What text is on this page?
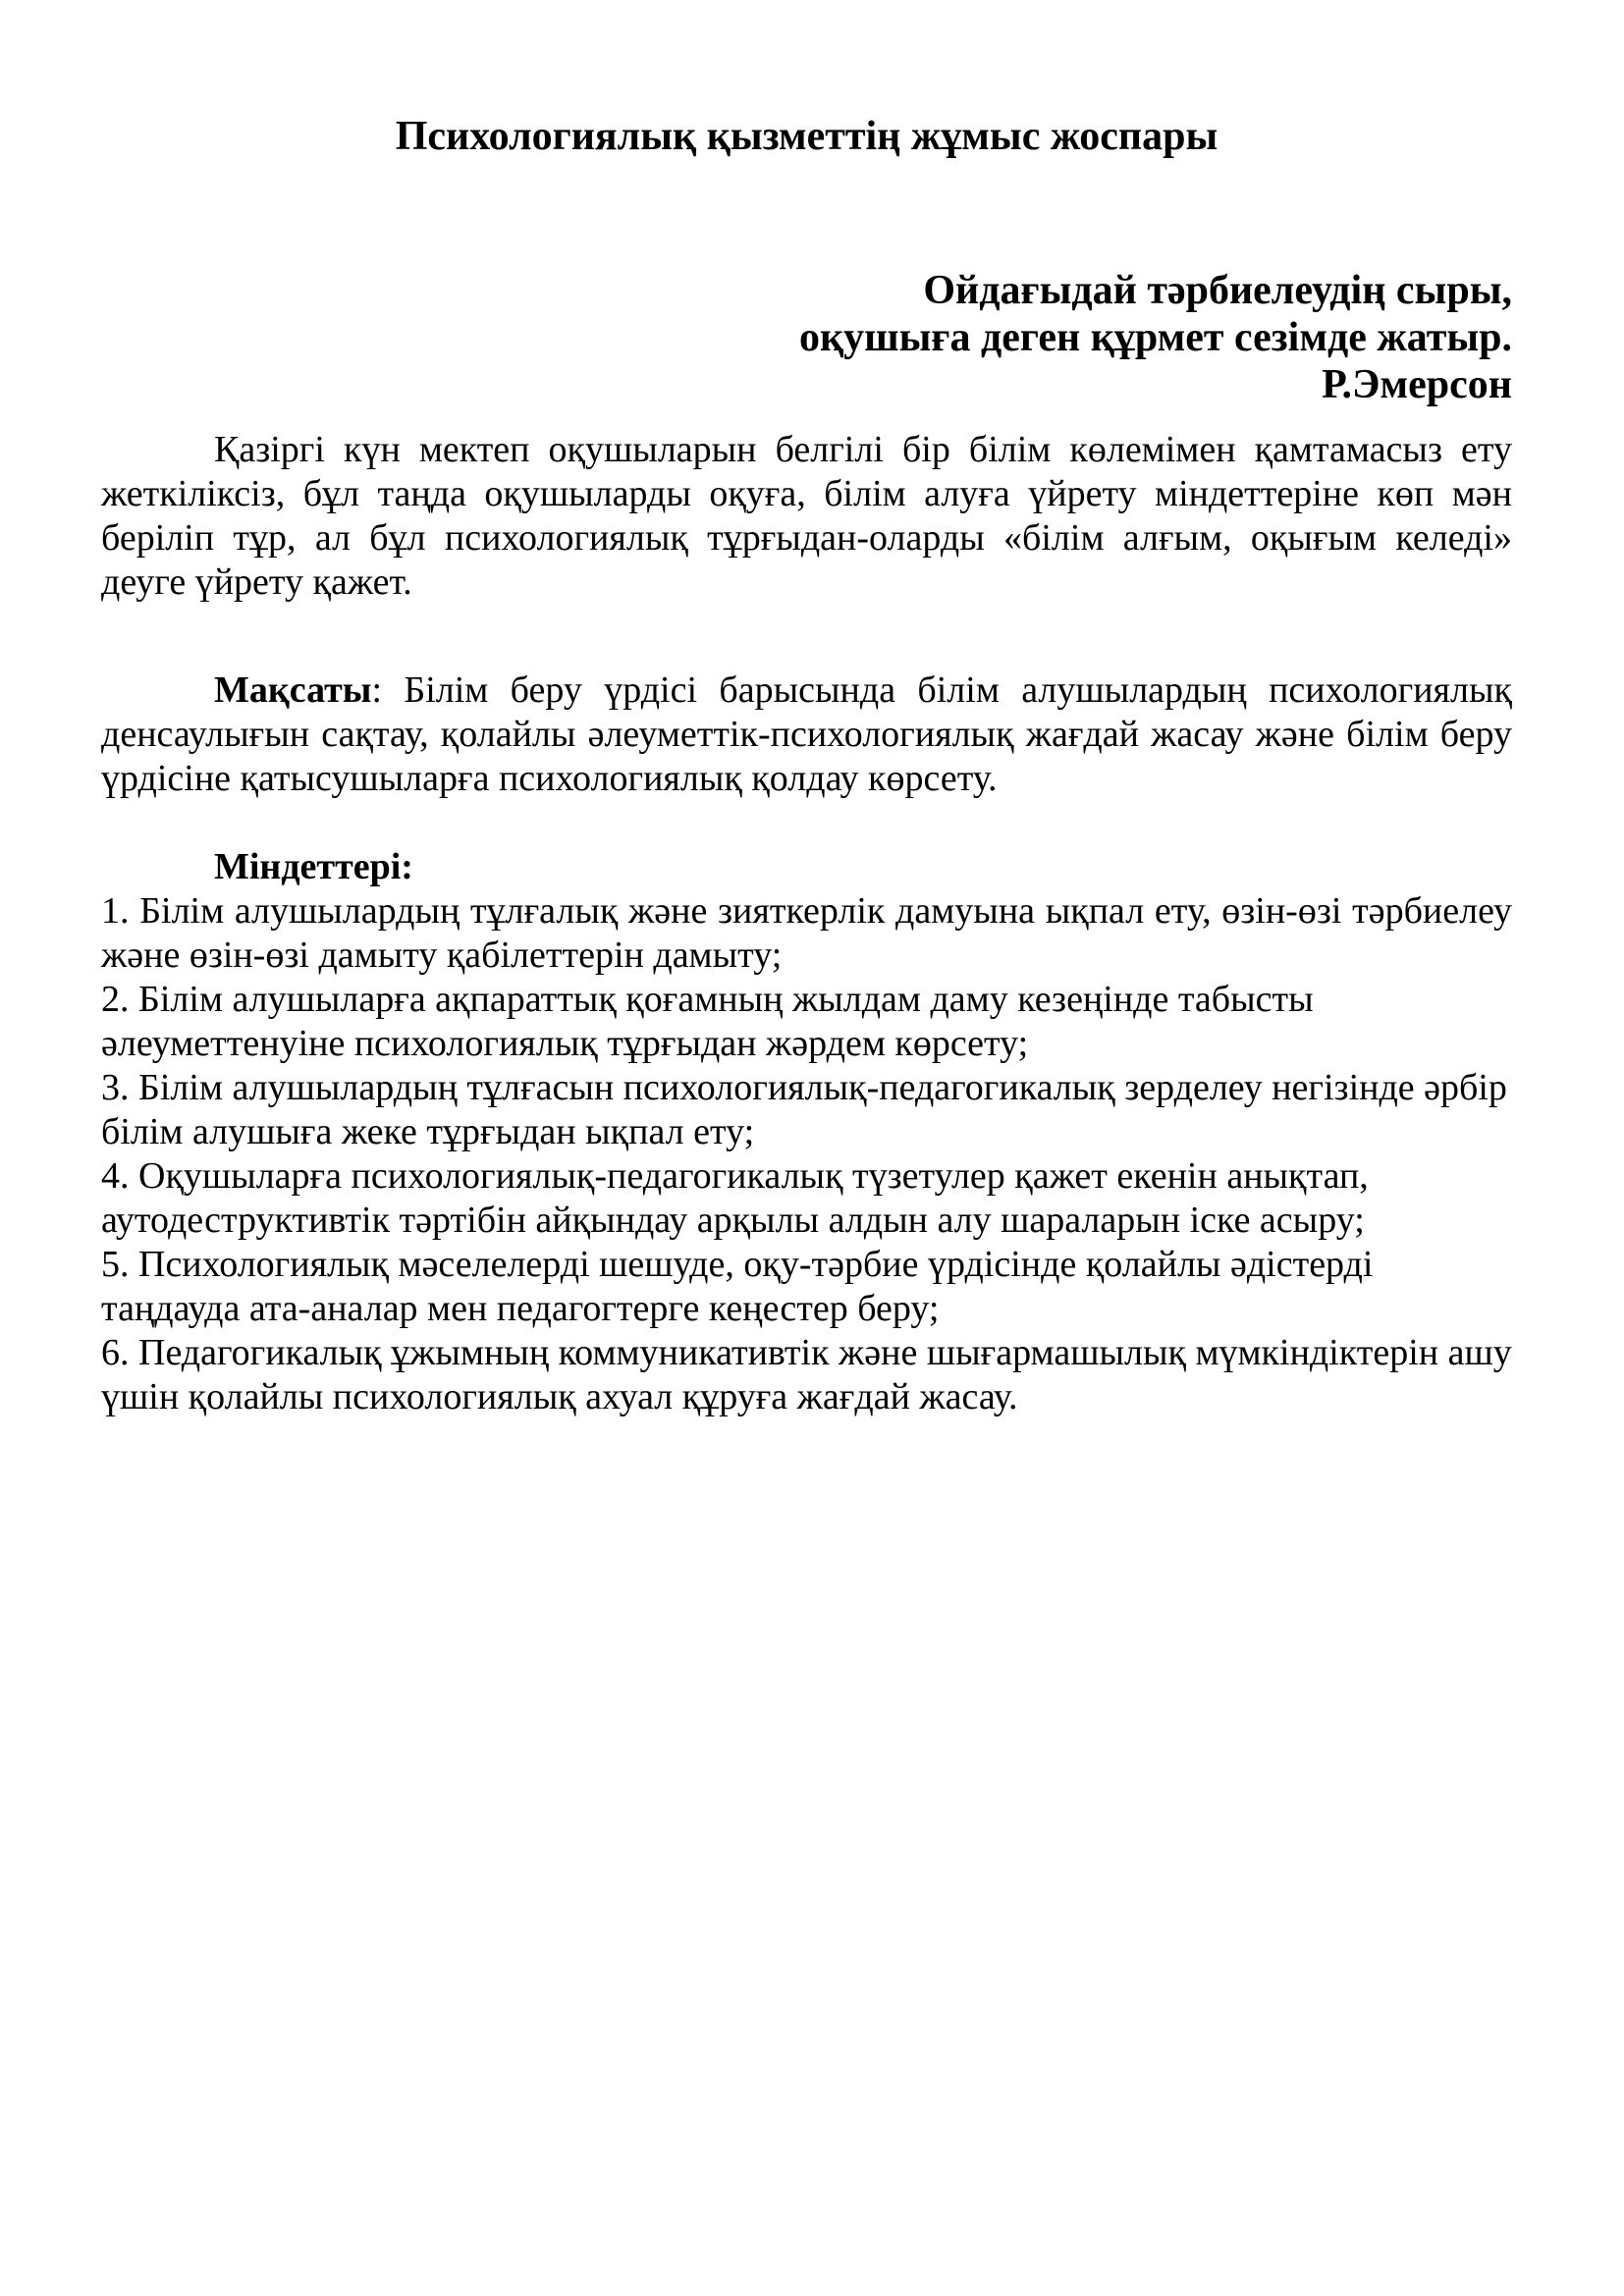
Психологиялық қызметтің жұмыс жоспары

Ойдағыдай тәрбиелеудің сыры,

оқушыға деген құрмет сезімде жатыр.

Р.Эмерсон

Қазіргі күн мектеп оқушыларын белгілі бір білім көлемімен қамтамасыз ету жеткіліксіз, бұл таңда оқушыларды оқуға, білім алуға үйрету міндеттеріне көп мән беріліп тұр, ал бұл психологиялық тұрғыдан-оларды «білім алғым, оқығым келеді» деуге үйрету қажет.

Мақсаты: Білім беру үрдісі барысында білім алушылардың психологиялық денсаулығын сақтау, қолайлы әлеуметтік-психологиялық жағдай жасау және білім беру үрдісіне қатысушыларға психологиялық қолдау көрсету.

Міндеттері:

1. Білім алушылардың тұлғалық және зияткерлік дамуына ықпал ету, өзін-өзі тәрбиелеу және өзін-өзі дамыту қабілеттерін дамыту;

2. Білім алушыларға ақпараттық қоғамның жылдам даму кезеңінде табысты әлеуметтенуіне психологиялық тұрғыдан жәрдем көрсету;

3. Білім алушылардың тұлғасын психологиялық-педагогикалық зерделеу негізінде әрбір білім алушыға жеке тұрғыдан ықпал ету;

4. Оқушыларға психологиялық-педагогикалық түзетулер қажет екенін анықтап, аутодеструктивтік тәртібін айқындау арқылы алдын алу шараларын іске асыру;

5. Психологиялық мәселелерді шешуде, оқу-тәрбие үрдісінде қолайлы әдістерді таңдауда ата-аналар мен педагогтерге кеңестер беру;

6. Педагогикалық ұжымның коммуникативтік және шығармашылық мүмкіндіктерін ашу үшін қолайлы психологиялық ахуал құруға жағдай жасау.
